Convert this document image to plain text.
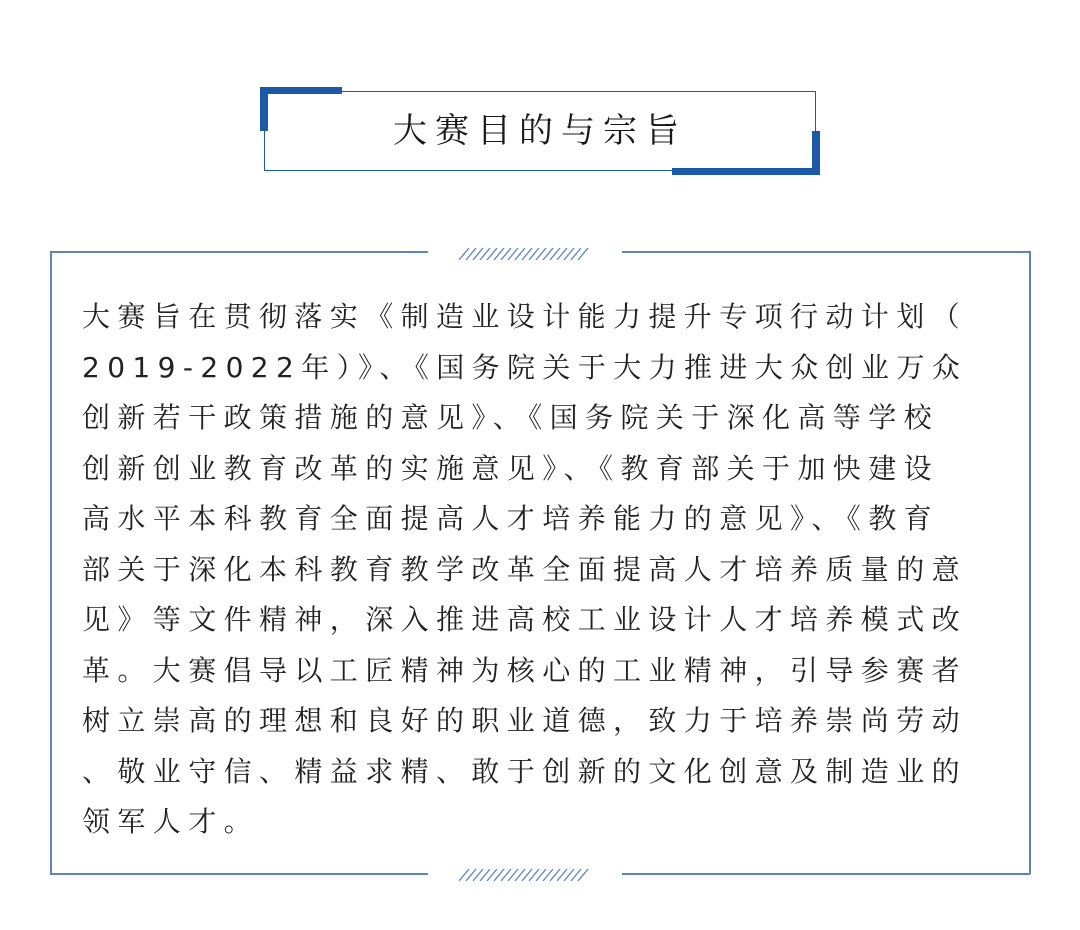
大赛目的与宗旨
大赛旨在贯彻落实《制造业设计能力提升专项行动计划（
2019-2022年）》、《国务院关于大力推进大众创业万众
创新若干政策措施的意见》、《国务院关于深化高等学校
创新创业教育改革的实施意见》、《教育部关于加快建设
高水平本科教育全面提高人才培养能力的意见》、《教育
部关于深化本科教育教学改革全面提高人才培养质量的意
见》等文件精神，深入推进高校工业设计人才培养模式改
革。大赛倡导以工匠精神为核心的工业精神，引导参赛者
树立崇高的理想和良好的职业道德，致力于培养崇尚劳动
、敬业守信、精益求精、敢于创新的文化创意及制造业的
领军人才。
